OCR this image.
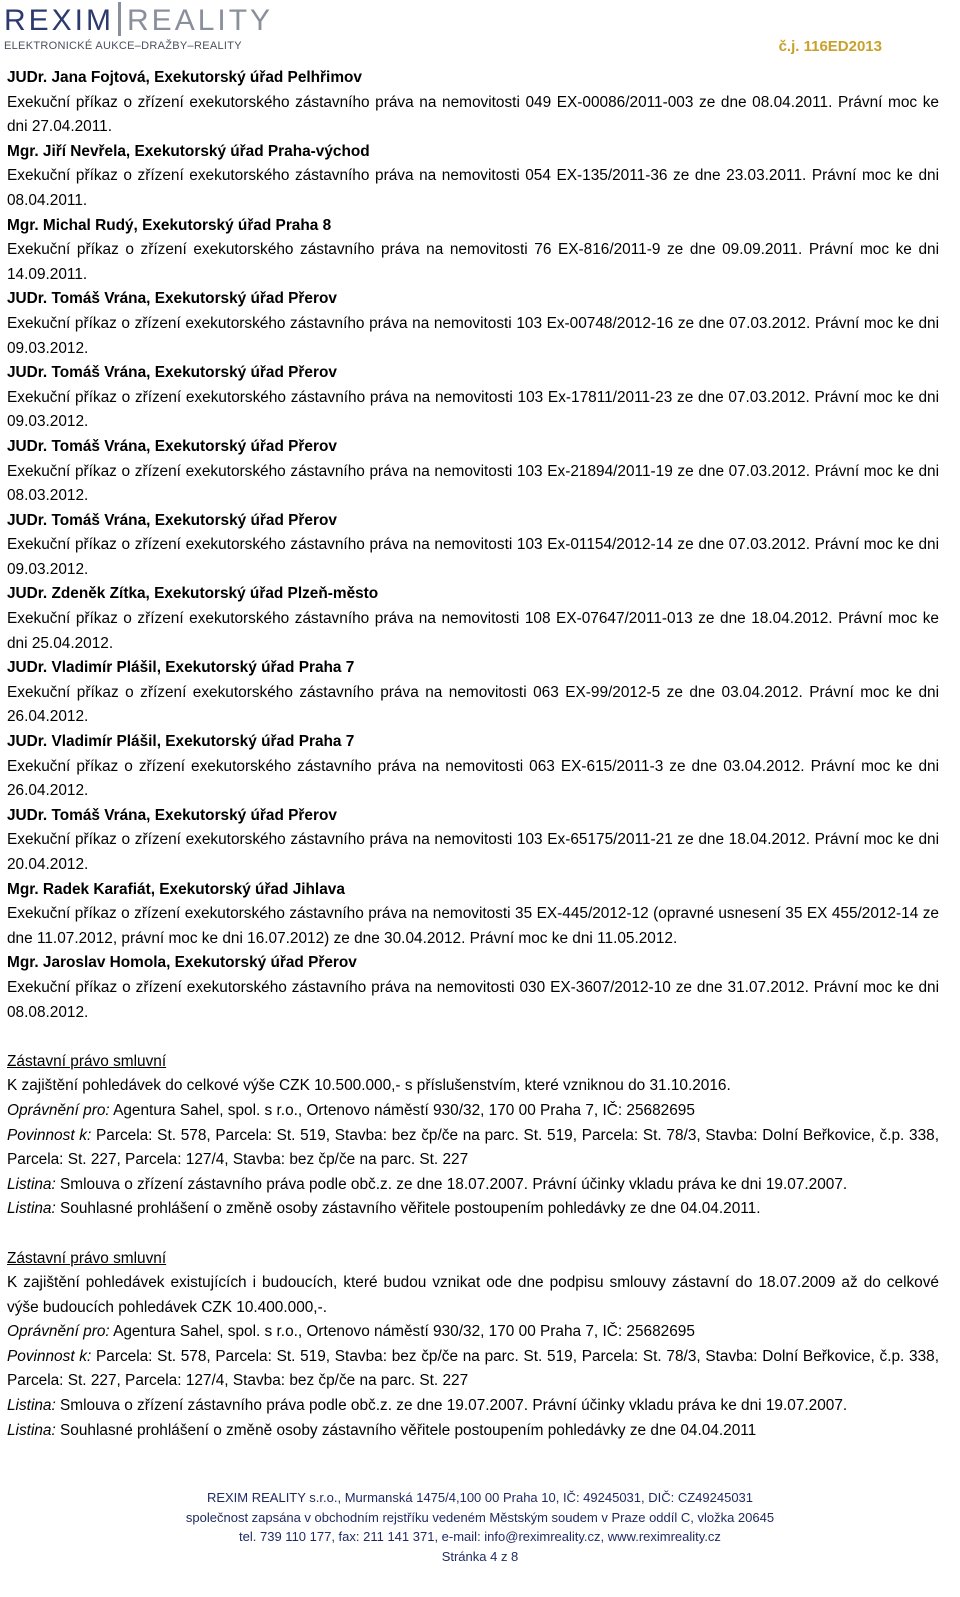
REXIM REALITY
ELEKTRONICKÉ AUKCE–DRAŽBY–REALITY	č.j. 116ED2013
JUDr. Jana Fojtová, Exekutorský úřad Pelhřimov
Exekuční příkaz o zřízení exekutorského zástavního práva na nemovitosti 049 EX-00086/2011-003 ze dne 08.04.2011. Právní moc ke dni 27.04.2011.
Mgr. Jiří Nevřela, Exekutorský úřad Praha-východ
Exekuční příkaz o zřízení exekutorského zástavního práva na nemovitosti 054 EX-135/2011-36 ze dne 23.03.2011. Právní moc ke dni 08.04.2011.
Mgr. Michal Rudý, Exekutorský úřad Praha 8
Exekuční příkaz o zřízení exekutorského zástavního práva na nemovitosti 76 EX-816/2011-9 ze dne 09.09.2011. Právní moc ke dni 14.09.2011.
JUDr. Tomáš Vrána, Exekutorský úřad Přerov
Exekuční příkaz o zřízení exekutorského zástavního práva na nemovitosti 103 Ex-00748/2012-16 ze dne 07.03.2012. Právní moc ke dni 09.03.2012.
JUDr. Tomáš Vrána, Exekutorský úřad Přerov
Exekuční příkaz o zřízení exekutorského zástavního práva na nemovitosti 103 Ex-17811/2011-23 ze dne 07.03.2012. Právní moc ke dni 09.03.2012.
JUDr. Tomáš Vrána, Exekutorský úřad Přerov
Exekuční příkaz o zřízení exekutorského zástavního práva na nemovitosti 103 Ex-21894/2011-19 ze dne 07.03.2012. Právní moc ke dni 08.03.2012.
JUDr. Tomáš Vrána, Exekutorský úřad Přerov
Exekuční příkaz o zřízení exekutorského zástavního práva na nemovitosti 103 Ex-01154/2012-14 ze dne 07.03.2012. Právní moc ke dni 09.03.2012.
JUDr. Zdeněk Zítka, Exekutorský úřad Plzeň-město
Exekuční příkaz o zřízení exekutorského zástavního práva na nemovitosti 108 EX-07647/2011-013 ze dne 18.04.2012. Právní moc ke dni 25.04.2012.
JUDr. Vladimír Plášil, Exekutorský úřad Praha 7
Exekuční příkaz o zřízení exekutorského zástavního práva na nemovitosti 063 EX-99/2012-5 ze dne 03.04.2012. Právní moc ke dni 26.04.2012.
JUDr. Vladimír Plášil, Exekutorský úřad Praha 7
Exekuční příkaz o zřízení exekutorského zástavního práva na nemovitosti 063 EX-615/2011-3 ze dne 03.04.2012. Právní moc ke dni 26.04.2012.
JUDr. Tomáš Vrána, Exekutorský úřad Přerov
Exekuční příkaz o zřízení exekutorského zástavního práva na nemovitosti 103 Ex-65175/2011-21 ze dne 18.04.2012. Právní moc ke dni 20.04.2012.
Mgr. Radek Karafiát, Exekutorský úřad Jihlava
Exekuční příkaz o zřízení exekutorského zástavního práva na nemovitosti 35 EX-445/2012-12 (opravné usnesení 35 EX 455/2012-14 ze dne 11.07.2012, právní moc ke dni 16.07.2012) ze dne 30.04.2012. Právní moc ke dni 11.05.2012.
Mgr. Jaroslav Homola, Exekutorský úřad Přerov
Exekuční příkaz o zřízení exekutorského zástavního práva na nemovitosti 030 EX-3607/2012-10 ze dne 31.07.2012. Právní moc ke dni 08.08.2012.
Zástavní právo smluvní
K zajištění pohledávek do celkové výše CZK 10.500.000,- s příslušenstvím, které vzniknou do 31.10.2016.
Oprávnění pro: Agentura Sahel, spol. s r.o., Ortenovo náměstí 930/32, 170 00 Praha 7, IČ: 25682695
Povinnost k: Parcela: St. 578, Parcela: St. 519, Stavba: bez čp/če na parc. St. 519, Parcela: St. 78/3, Stavba: Dolní Beřkovice, č.p. 338, Parcela: St. 227, Parcela: 127/4, Stavba: bez čp/če na parc. St. 227
Listina: Smlouva o zřízení zástavního práva podle obč.z. ze dne 18.07.2007. Právní účinky vkladu práva ke dni 19.07.2007.
Listina: Souhlasné prohlášení o změně osoby zástavního věřitele postoupením pohledávky ze dne 04.04.2011.
Zástavní právo smluvní
K zajištění pohledávek existujících i budoucích, které budou vznikat ode dne podpisu smlouvy zástavní do 18.07.2009 až do celkové výše budoucích pohledávek CZK 10.400.000,-.
Oprávnění pro: Agentura Sahel, spol. s r.o., Ortenovo náměstí 930/32, 170 00 Praha 7, IČ: 25682695
Povinnost k: Parcela: St. 578, Parcela: St. 519, Stavba: bez čp/če na parc. St. 519, Parcela: St. 78/3, Stavba: Dolní Beřkovice, č.p. 338, Parcela: St. 227, Parcela: 127/4, Stavba: bez čp/če na parc. St. 227
Listina: Smlouva o zřízení zástavního práva podle obč.z. ze dne 19.07.2007. Právní účinky vkladu práva ke dni 19.07.2007.
Listina: Souhlasné prohlášení o změně osoby zástavního věřitele postoupením pohledávky ze dne 04.04.2011
REXIM REALITY s.r.o., Murmanská 1475/4,100 00 Praha 10, IČ: 49245031, DIČ: CZ49245031
společnost zapsána v obchodním rejstříku vedeném Městským soudem v Praze oddíl C, vložka 20645
tel. 739 110 177, fax: 211 141 371, e-mail: info@reximreality.cz, www.reximreality.cz
Stránka 4 z 8
